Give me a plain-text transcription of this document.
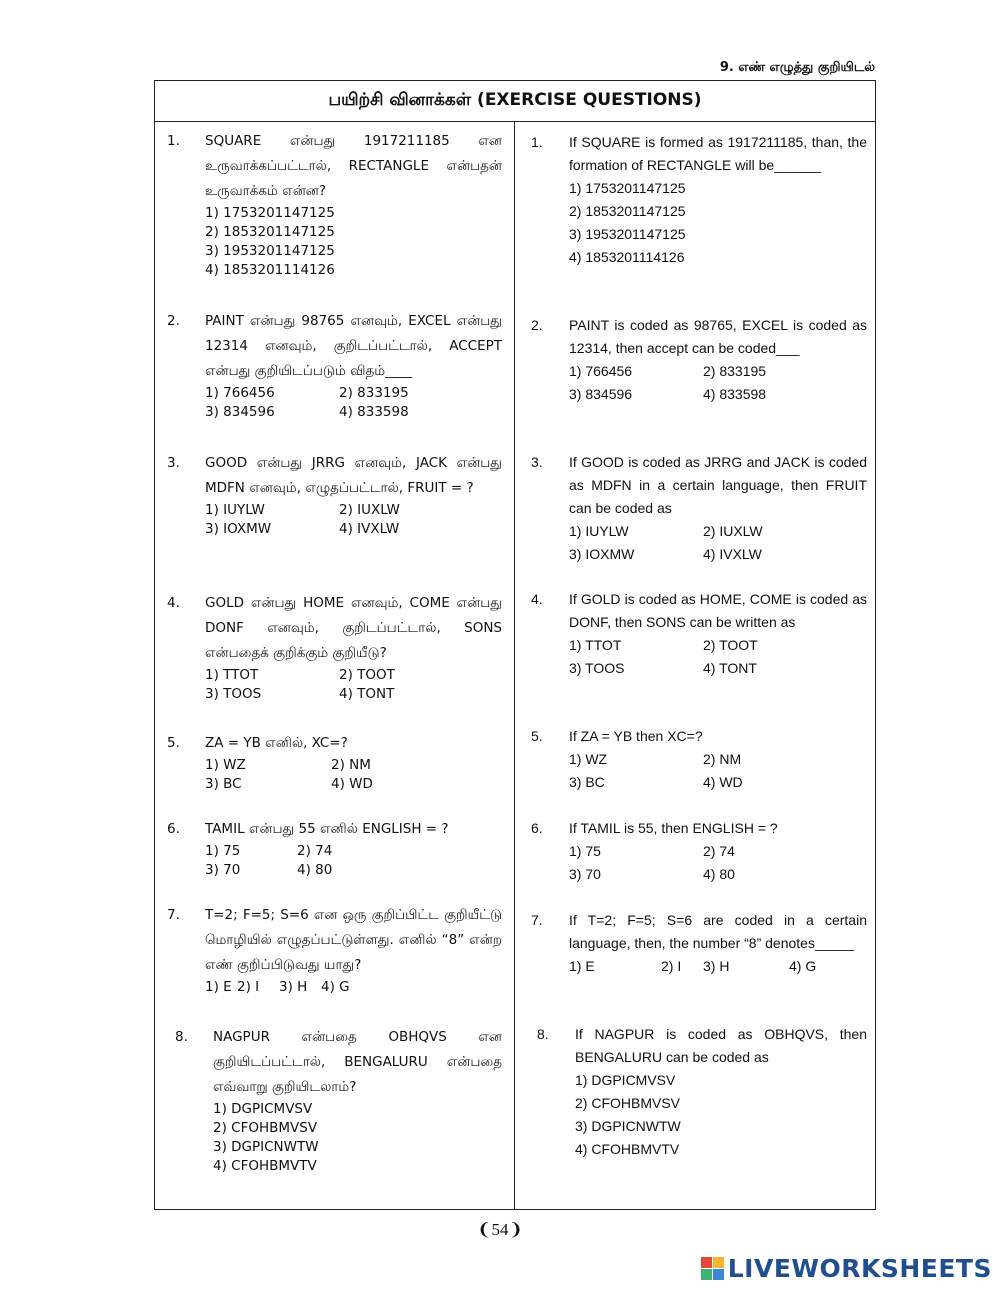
9. எண் எழுத்து குறியிடல்
பயிற்சி வினாக்கள் (EXERCISE QUESTIONS)
1. SQUARE என்பது 1917211185 என உருவாக்கப்பட்டால், RECTANGLE என்பதன் உருவாக்கம் என்ன?
1) 1753201147125
2) 1853201147125
3) 1953201147125
4) 1853201114126
2. PAINT என்பது 98765 எனவும், EXCEL என்பது 12314 எனவும், குறிடப்பட்டால், ACCEPT என்பது குறியிடப்படும் விதம்____
1) 766456	2) 833195
3) 834596	4) 833598
3. GOOD என்பது JRRG எனவும், JACK என்பது MDFN எனவும், எழுதப்பட்டால், FRUIT = ?
1) IUYLW	2) IUXLW
3) IOXMW	4) IVXLW
4. GOLD என்பது HOME எனவும், COME என்பது DONF எனவும், குறிடப்பட்டால், SONS என்பதைக் குறிக்கும் குறியீடு?
1) TTOT	2) TOOT
3) TOOS	4) TONT
5. ZA = YB எனில், XC=?
1) WZ	2) NM
3) BC	4) WD
6. TAMIL என்பது 55 எனில் ENGLISH = ?
1) 75	2) 74
3) 70	4) 80
7. T=2; F=5; S=6 என ஒரு குறிப்பிட்ட குறியீட்டு மொழியில் எழுதப்பட்டுள்ளது. எனில் “8” என்ற எண் குறிப்பிடுவது யாது?
1) E 2) I	3) H	4) G
8. NAGPUR என்பதை OBHQVS என குறியிடப்பட்டால், BENGALURU என்பதை எவ்வாறு குறியிடலாம்?
1) DGPICMVSV
2) CFOHBMVSV
3) DGPICNWTW
4) CFOHBMVTV
1. If SQUARE is formed as 1917211185, than, the formation of RECTANGLE will be______
1) 1753201147125
2) 1853201147125
3) 1953201147125
4) 1853201114126
2. PAINT is coded as 98765, EXCEL is coded as 12314, then accept can be coded___
1) 766456	2) 833195
3) 834596	4) 833598
3. If GOOD is coded as JRRG and JACK is coded as MDFN in a certain language, then FRUIT can be coded as
1) IUYLW	2) IUXLW
3) IOXMW	4) IVXLW
4. If GOLD is coded as HOME, COME is coded as DONF, then SONS can be written as
1) TTOT	2) TOOT
3) TOOS	4) TONT
5. If ZA = YB then XC=?
1) WZ	2) NM
3) BC	4) WD
6. If TAMIL is 55, then ENGLISH = ?
1) 75	2) 74
3) 70	4) 80
7. If T=2; F=5; S=6 are coded in a certain language, then, the number “8” denotes_____
1) E	2) I	3) H	4) G
8. If NAGPUR is coded as OBHQVS, then BENGALURU can be coded as
1) DGPICMVSV
2) CFOHBMVSV
3) DGPICNWTW
4) CFOHBMVTV
❨54❩
LIVEWORKSHEETS
